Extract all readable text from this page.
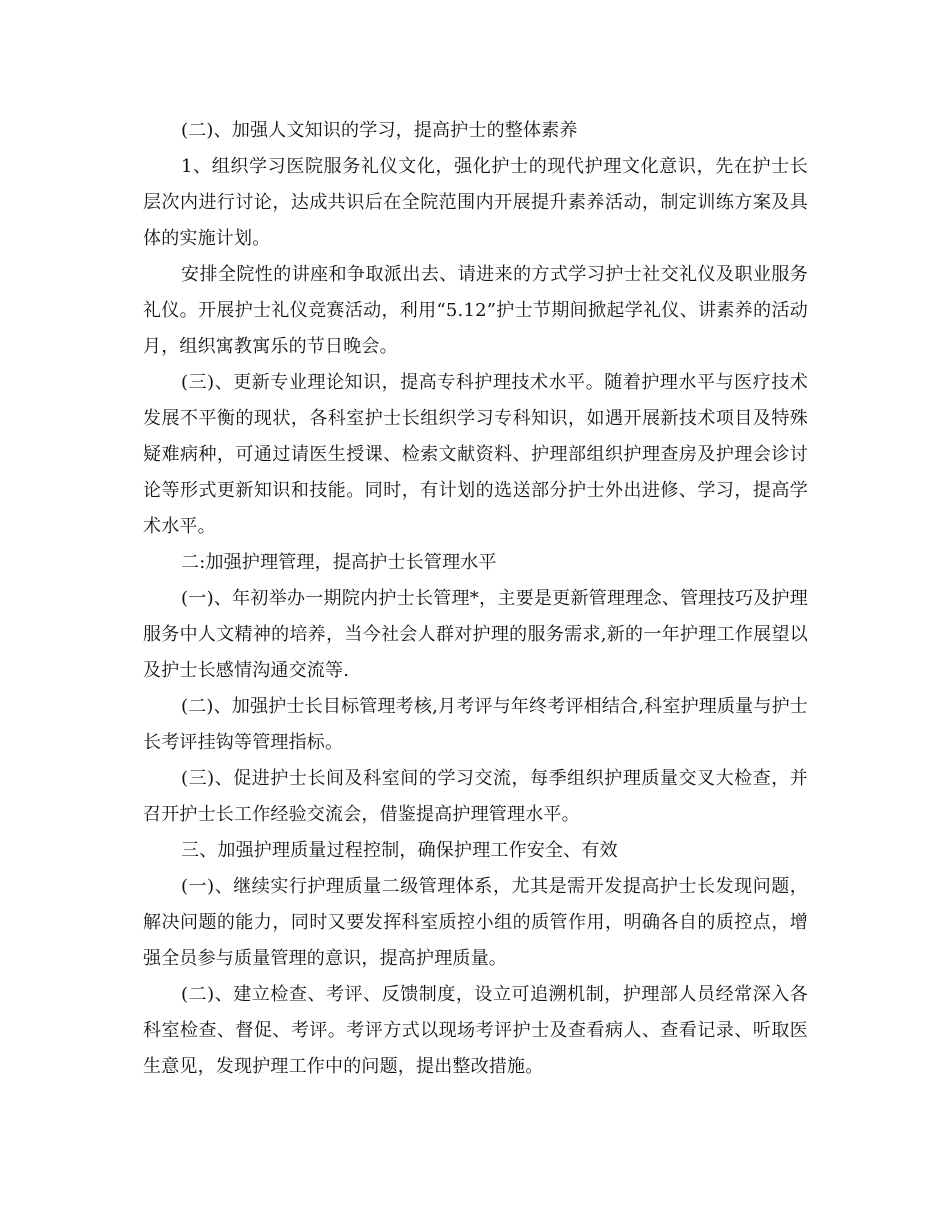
(二)、加强人文知识的学习，提高护士的整体素养

1、组织学习医院服务礼仪文化，强化护士的现代护理文化意识，先在护士长层次内进行讨论，达成共识后在全院范围内开展提升素养活动，制定训练方案及具体的实施计划。

安排全院性的讲座和争取派出去、请进来的方式学习护士社交礼仪及职业服务礼仪。开展护士礼仪竞赛活动，利用“5.12”护士节期间掀起学礼仪、讲素养的活动月，组织寓教寓乐的节日晚会。

(三)、更新专业理论知识，提高专科护理技术水平。随着护理水平与医疗技术发展不平衡的现状，各科室护士长组织学习专科知识，如遇开展新技术项目及特殊疑难病种，可通过请医生授课、检索文献资料、护理部组织护理查房及护理会诊讨论等形式更新知识和技能。同时，有计划的选送部分护士外出进修、学习，提高学术水平。

二:加强护理管理，提高护士长管理水平

(一)、年初举办一期院内护士长管理*，主要是更新管理理念、管理技巧及护理服务中人文精神的培养，当今社会人群对护理的服务需求,新的一年护理工作展望以及护士长感情沟通交流等.

(二)、加强护士长目标管理考核,月考评与年终考评相结合,科室护理质量与护士长考评挂钩等管理指标。

(三)、促进护士长间及科室间的学习交流，每季组织护理质量交叉大检查，并召开护士长工作经验交流会，借鉴提高护理管理水平。

三、加强护理质量过程控制，确保护理工作安全、有效

(一)、继续实行护理质量二级管理体系，尤其是需开发提高护士长发现问题，解决问题的能力，同时又要发挥科室质控小组的质管作用，明确各自的质控点，增强全员参与质量管理的意识，提高护理质量。

(二)、建立检查、考评、反馈制度，设立可追溯机制，护理部人员经常深入各科室检查、督促、考评。考评方式以现场考评护士及查看病人、查看记录、听取医生意见，发现护理工作中的问题，提出整改措施。
